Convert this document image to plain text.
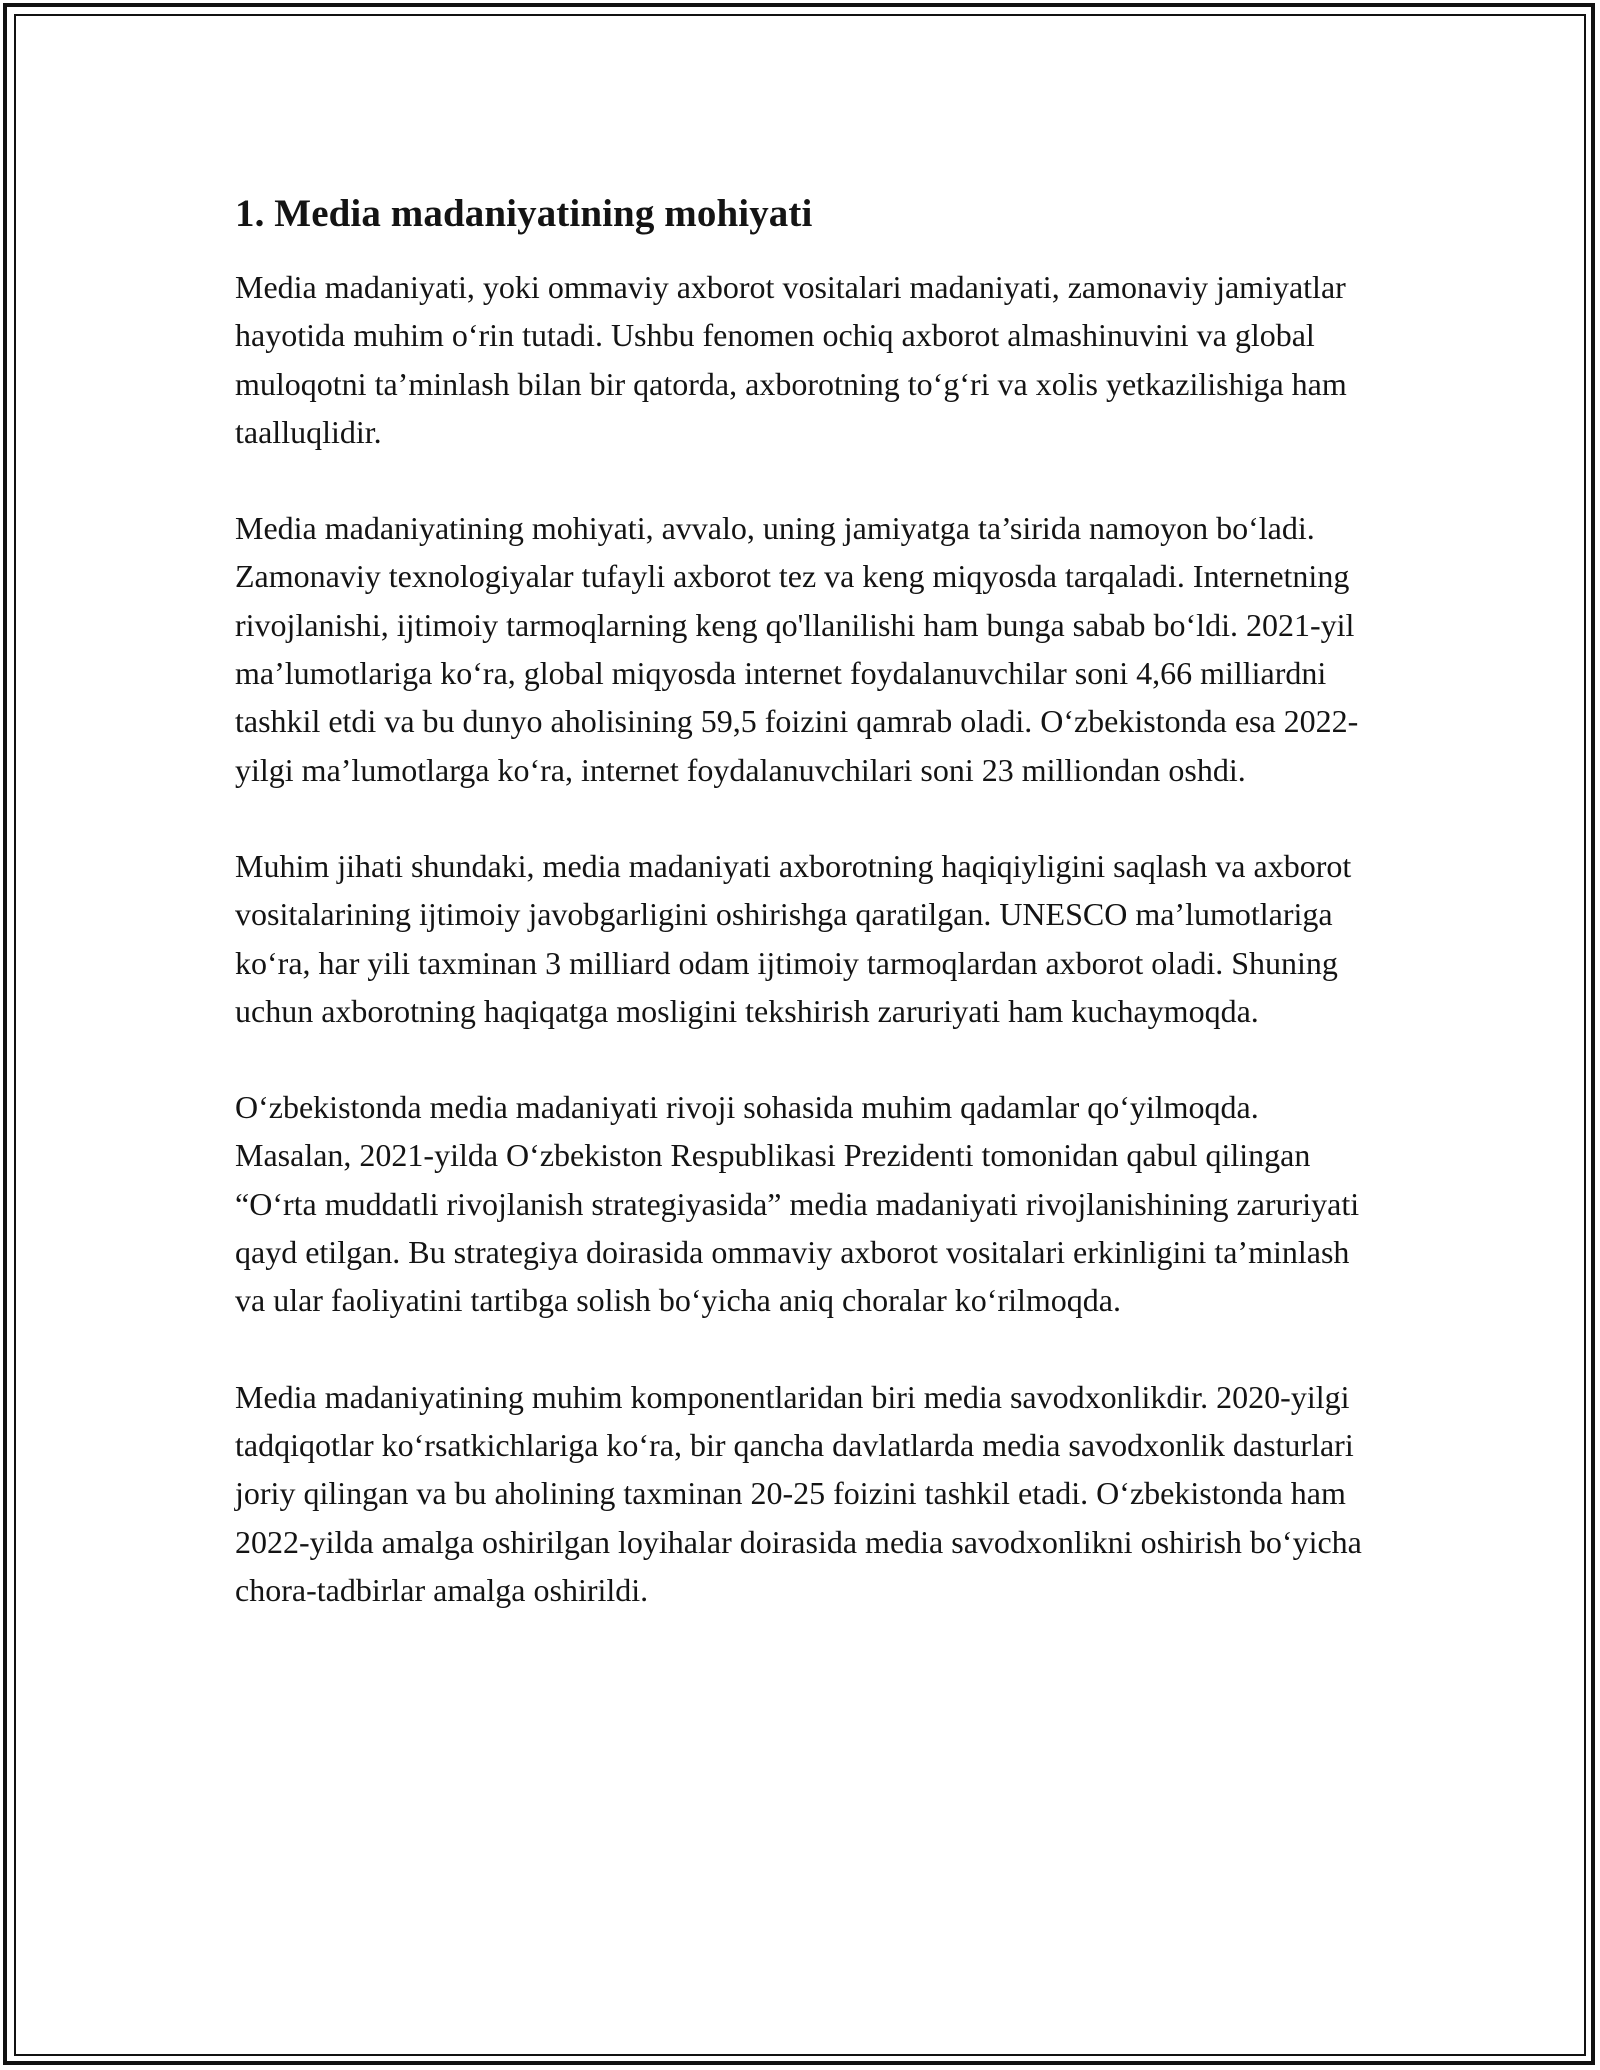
1. Media madaniyatining mohiyati

Media madaniyati, yoki ommaviy axborot vositalari madaniyati, zamonaviy jamiyatlar hayotida muhim o‘rin tutadi. Ushbu fenomen ochiq axborot almashinuvini va global muloqotni ta’minlash bilan bir qatorda, axborotning to‘g‘ri va xolis yetkazilishiga ham taalluqlidir.

Media madaniyatining mohiyati, avvalo, uning jamiyatga ta’sirida namoyon bo‘ladi. Zamonaviy texnologiyalar tufayli axborot tez va keng miqyosda tarqaladi. Internetning rivojlanishi, ijtimoiy tarmoqlarning keng qo'llanilishi ham bunga sabab bo‘ldi. 2021-yil ma’lumotlariga ko‘ra, global miqyosda internet foydalanuvchilar soni 4,66 milliardni tashkil etdi va bu dunyo aholisining 59,5 foizini qamrab oladi. O‘zbekistonda esa 2022-yilgi ma’lumotlarga ko‘ra, internet foydalanuvchilari soni 23 milliondan oshdi.

Muhim jihati shundaki, media madaniyati axborotning haqiqiyligini saqlash va axborot vositalarining ijtimoiy javobgarligini oshirishga qaratilgan. UNESCO ma’lumotlariga ko‘ra, har yili taxminan 3 milliard odam ijtimoiy tarmoqlardan axborot oladi. Shuning uchun axborotning haqiqatga mosligini tekshirish zaruriyati ham kuchaymoqda.

O‘zbekistonda media madaniyati rivoji sohasida muhim qadamlar qo‘yilmoqda. Masalan, 2021-yilda O‘zbekiston Respublikasi Prezidenti tomonidan qabul qilingan “O‘rta muddatli rivojlanish strategiyasida” media madaniyati rivojlanishining zaruriyati qayd etilgan. Bu strategiya doirasida ommaviy axborot vositalari erkinligini ta’minlash va ular faoliyatini tartibga solish bo‘yicha aniq choralar ko‘rilmoqda.

Media madaniyatining muhim komponentlaridan biri media savodxonlikdir. 2020-yilgi tadqiqotlar ko‘rsatkichlariga ko‘ra, bir qancha davlatlarda media savodxonlik dasturlari joriy qilingan va bu aholining taxminan 20-25 foizini tashkil etadi. O‘zbekistonda ham 2022-yilda amalga oshirilgan loyihalar doirasida media savodxonlikni oshirish bo‘yicha chora-tadbirlar amalga oshirildi.
